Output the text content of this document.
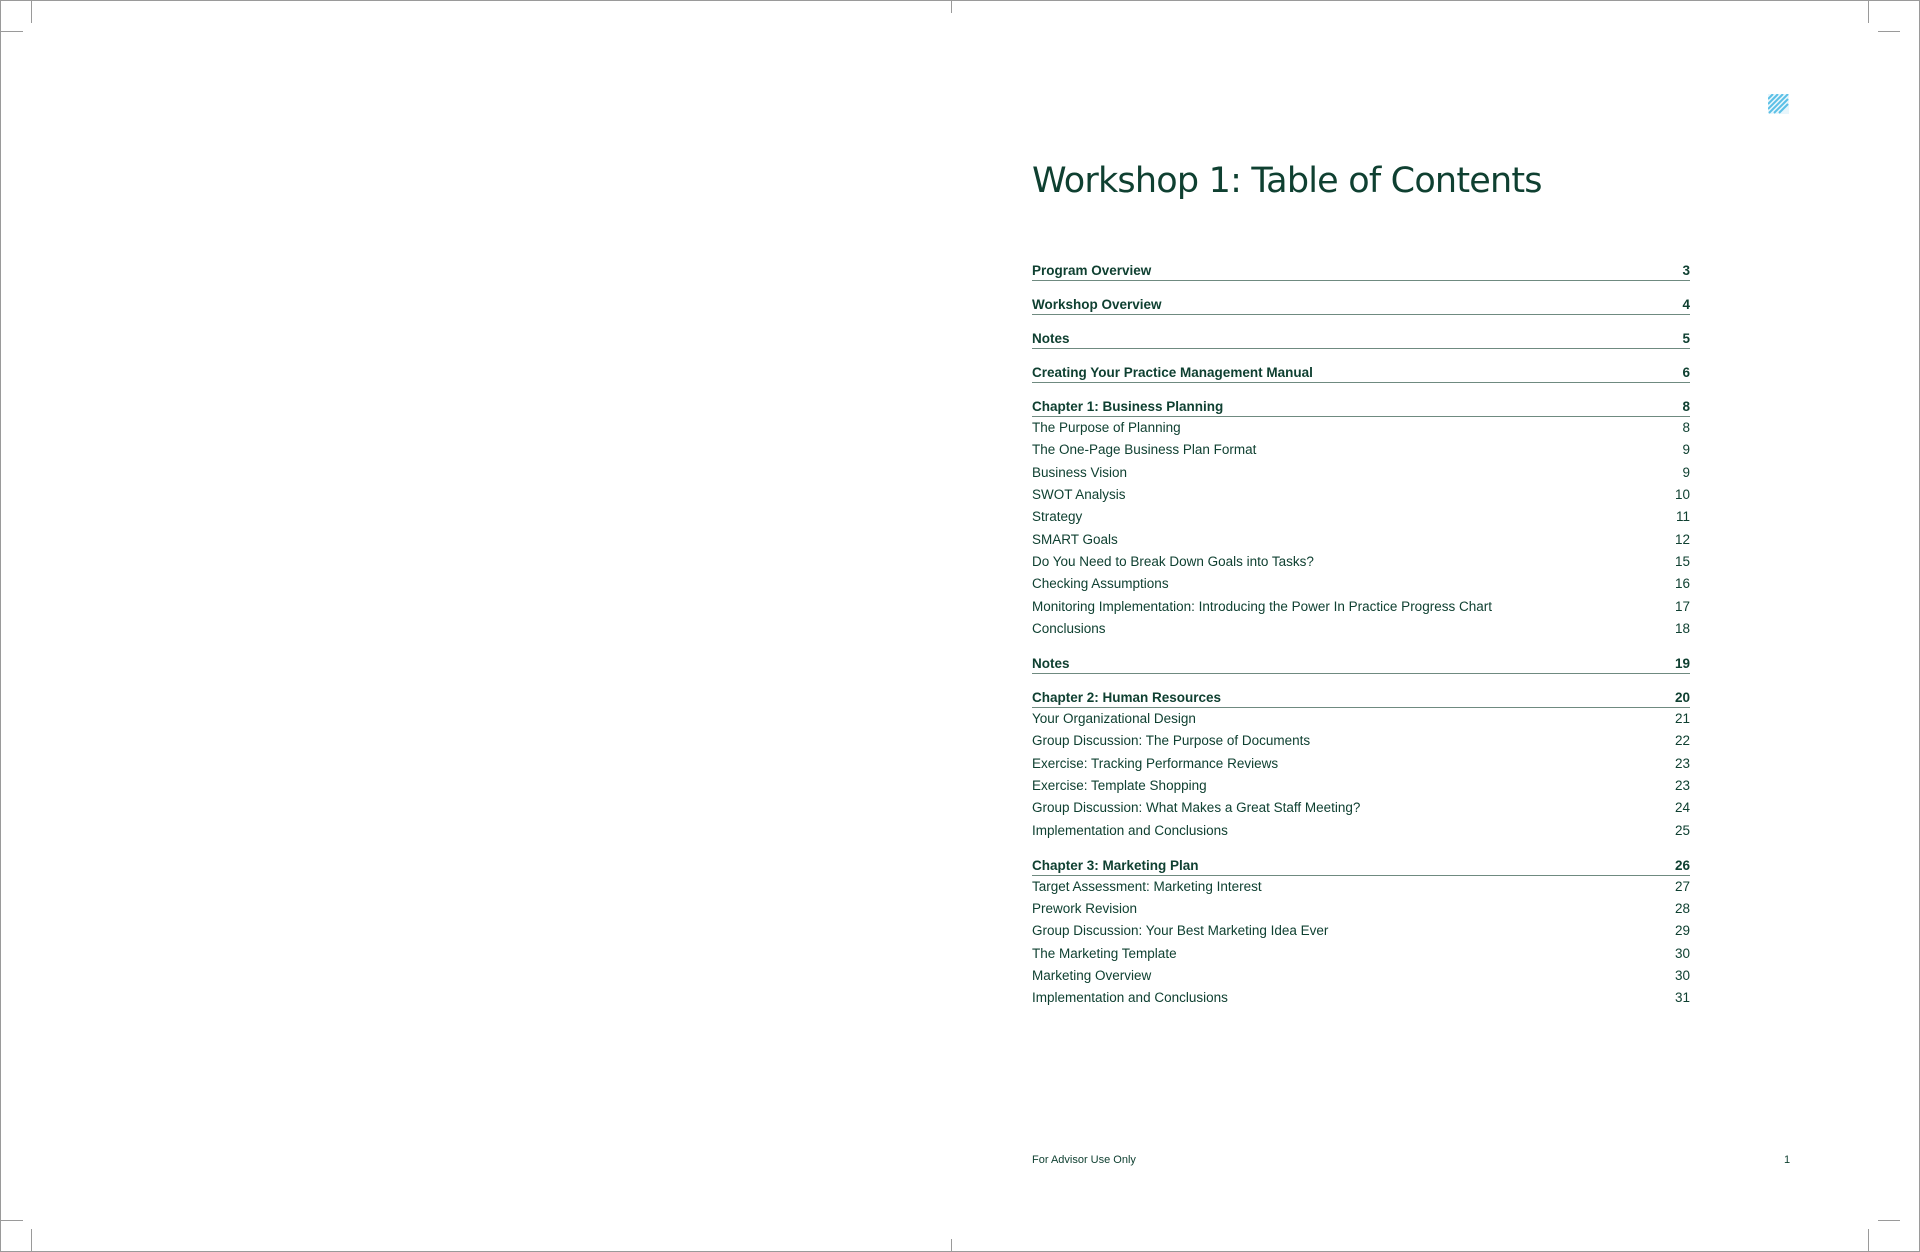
Workshop 1: Table of Contents
Program Overview	3
Workshop Overview	4
Notes	5
Creating Your Practice Management Manual	6
Chapter 1: Business Planning	8
The Purpose of Planning	8
The One-Page Business Plan Format	9
Business Vision	9
SWOT Analysis	10
Strategy	11
SMART Goals	12
Do You Need to Break Down Goals into Tasks?	15
Checking Assumptions	16
Monitoring Implementation: Introducing the Power In Practice Progress Chart	17
Conclusions	18
Notes	19
Chapter 2: Human Resources	20
Your Organizational Design	21
Group Discussion: The Purpose of Documents	22
Exercise: Tracking Performance Reviews	23
Exercise: Template Shopping	23
Group Discussion: What Makes a Great Staff Meeting?	24
Implementation and Conclusions	25
Chapter 3: Marketing Plan	26
Target Assessment: Marketing Interest	27
Prework Revision	28
Group Discussion: Your Best Marketing Idea Ever	29
The Marketing Template	30
Marketing Overview	30
Implementation and Conclusions	31
For Advisor Use Only	1
